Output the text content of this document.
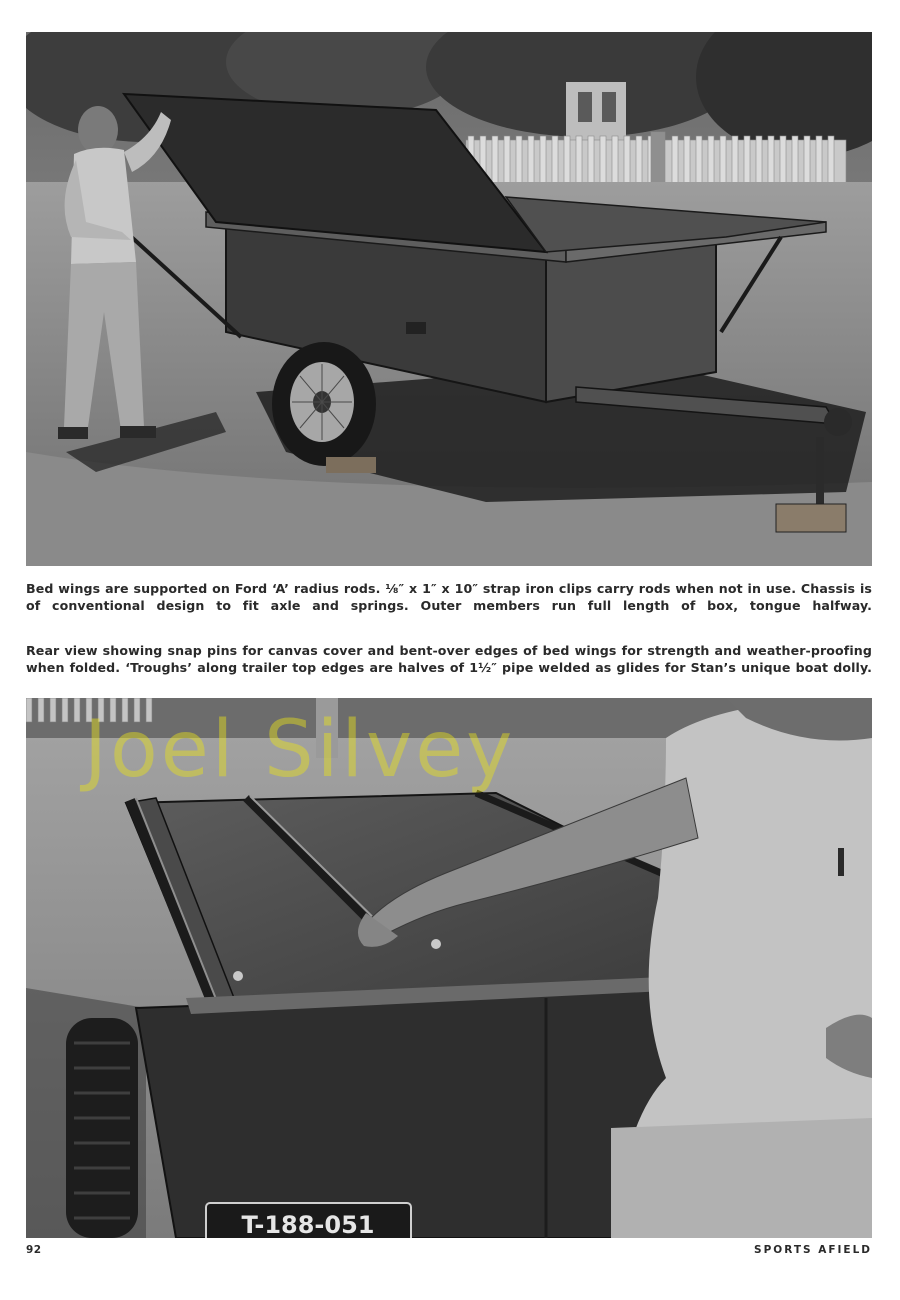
Bed wings are supported on Ford ‘A’ radius rods. ⅛″ x 1″ x 10″ strap iron clips carry rods when not in use. Chassis is of conventional design to fit axle and springs. Outer members run full length of box, tongue halfway.

Rear view showing snap pins for canvas cover and bent-over edges of bed wings for strength and weather-proofing when folded. ‘Troughs’ along trailer top edges are halves of 1½″ pipe welded as glides for Stan’s unique boat dolly.

T-188-051
Joel Silvey
92	SPORTS AFIELD
